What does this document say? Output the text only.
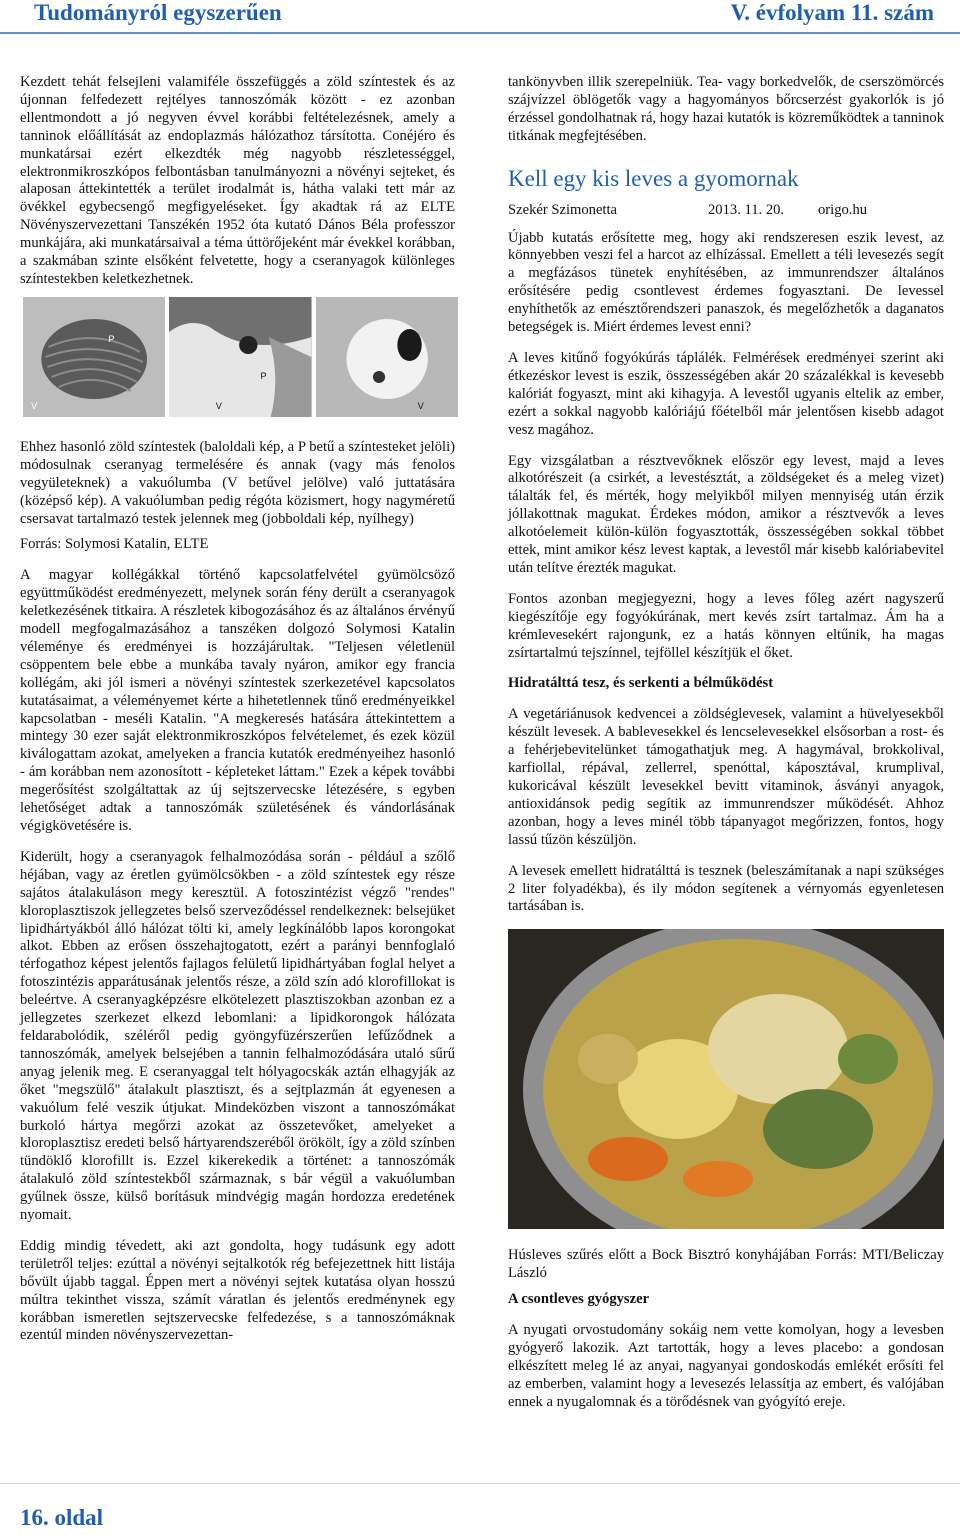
Tudományról egyszerűen	V. évfolyam 11. szám

Kezdett tehát felsejleni valamiféle összefüggés a zöld színtestek és az újonnan felfedezett rejtélyes tannoszómák között - ez azonban ellentmondott a jó negyven évvel korábbi feltételezésnek, amely a tanninok előállítását az endoplazmás hálózathoz társította. Conéjéro és munkatársai ezért elkezdték még nagyobb részletességgel, elektronmikroszkópos felbontásban tanulmányozni a növényi sejteket, és alaposan áttekintették a terület irodalmát is, hátha valaki tett már az övékkel egybecsengő megfigyeléseket. Így akadtak rá az ELTE Növényszervezettani Tanszékén 1952 óta kutató Dános Béla professzor munkájára, aki munkatársaival a téma úttörőjeként már évekkel korábban, a szakmában szinte elsőként felvetette, hogy a cseranyagok különleges színtestekben keletkezhetnek.

P
V
P
V	V

Ehhez hasonló zöld színtestek (baloldali kép, a P betű a színtesteket jelöli) módosulnak cseranyag termelésére és annak (vagy más fenolos vegyületeknek) a vakuólumba (V betűvel jelölve) való juttatására (középső kép). A vakuólumban pedig régóta közismert, hogy nagyméretű csersavat tartalmazó testek jelennek meg (jobboldali kép, nyílhegy)

Forrás: Solymosi Katalin, ELTE

A magyar kollégákkal történő kapcsolatfelvétel gyümölcsöző együttműködést eredményezett, melynek során fény derült a cseranyagok keletkezésének titkaira. A részletek kibogozásához és az általános érvényű modell megfogalmazásához a tanszéken dolgozó Solymosi Katalin véleménye és eredményei is hozzájárultak. "Teljesen véletlenül csöppentem bele ebbe a munkába tavaly nyáron, amikor egy francia kollégám, aki jól ismeri a növényi színtestek szerkezetével kapcsolatos kutatásaimat, a véleményemet kérte a hihetetlennek tűnő eredményeikkel kapcsolatban - meséli Katalin. "A megkeresés hatására áttekintettem a mintegy 30 ezer saját elektronmikroszkópos felvételemet, és ezek közül kiválogattam azokat, amelyeken a francia kutatók eredményeihez hasonló - ám korábban nem azonosított - képleteket láttam." Ezek a képek további megerősítést szolgáltattak az új sejtszervecske létezésére, s egyben lehetőséget adtak a tannoszómák születésének és vándorlásának végigkövetésére is.

Kiderült, hogy a cseranyagok felhalmozódása során - például a szőlő héjában, vagy az éretlen gyümölcsökben - a zöld színtestek egy része sajátos átalakuláson megy keresztül. A fotoszintézist végző "rendes" kloroplasztiszok jellegzetes belső szerveződéssel rendelkeznek: belsejüket lipidhártyákból álló hálózat tölti ki, amely legkínálóbb lapos korongokat alkot. Ebben az erősen összehajtogatott, ezért a parányi bennfoglaló térfogathoz képest jelentős fajlagos felületű lipidhártyában foglal helyet a fotoszintézis apparátusának jelentős része, a zöld szín adó klorofillokat is beleértve. A cseranyagképzésre elkötelezett plasztiszokban azonban ez a jellegzetes szerkezet elkezd lebomlani: a lipidkorongok hálózata feldarabolódik, széléről pedig gyöngyfüzérszerűen lefűződnek a tannoszómák, amelyek belsejében a tannin felhalmozódására utaló sűrű anyag jelenik meg. E cseranyaggal telt hólyagocskák aztán elhagyják az őket "megszülő" átalakult plasztiszt, és a sejtplazmán át egyenesen a vakuólum felé veszik útjukat. Mindeközben viszont a tannoszómákat burkoló hártya megőrzi azokat az összetevőket, amelyeket a kloroplasztisz eredeti belső hártyarendszeréből örökölt, így a zöld színben tündöklő klorofillt is. Ezzel kikerekedik a történet: a tannoszómák átalakuló zöld színtestekből származnak, s bár végül a vakuólumban gyűlnek össze, külső borításuk mindvégig magán hordozza eredetének nyomait.

Eddig mindig tévedett, aki azt gondolta, hogy tudásunk egy adott területről teljes: ezúttal a növényi sejtalkotók rég befejezettnek hitt listája bővült újabb taggal. Éppen mert a növényi sejtek kutatása olyan hosszú múltra tekinthet vissza, számít váratlan és jelentős eredménynek egy korábban ismeretlen sejtszervecske felfedezése, s a tannoszómáknak ezentúl minden növényszervezettan-

tankönyvben illik szerepelniük. Tea- vagy borkedvelők, de cserszömörcés szájvízzel öblögetők vagy a hagyományos bőrcserzést gyakorlók is jó érzéssel gondolhatnak rá, hogy hazai kutatók is közreműködtek a tanninok titkának megfejtésében.

Kell egy kis leves a gyomornak
Szekér Szimonetta	2013. 11. 20.	origo.hu

Újabb kutatás erősítette meg, hogy aki rendszeresen eszik levest, az könnyebben veszi fel a harcot az elhízással. Emellett a téli levesezés segít a megfázásos tünetek enyhítésében, az immunrendszer általános erősítésére pedig csontlevest érdemes fogyasztani. De levessel enyhíthetők az emésztőrendszeri panaszok, és megelőzhetők a daganatos betegségek is. Miért érdemes levest enni?

A leves kitűnő fogyókúrás táplálék. Felmérések eredményei szerint aki étkezéskor levest is eszik, összességében akár 20 százalékkal is kevesebb kalóriát fogyaszt, mint aki kihagyja. A levestől ugyanis eltelik az ember, ezért a sokkal nagyobb kalóriájú főételből már jelentősen kisebb adagot vesz magához.

Egy vizsgálatban a résztvevőknek először egy levest, majd a leves alkotórészeit (a csirkét, a levestésztát, a zöldségeket és a meleg vizet) tálalták fel, és mérték, hogy melyikből milyen mennyiség után érzik jóllakottnak magukat. Érdekes módon, amikor a résztvevők a leves alkotóelemeit külön-külön fogyasztották, összességében sokkal többet ettek, mint amikor kész levest kaptak, a levestől már kisebb kalóriabevitel után telítve érezték magukat.

Fontos azonban megjegyezni, hogy a leves főleg azért nagyszerű kiegészítője egy fogyókúrának, mert kevés zsírt tartalmaz. Ám ha a krémlevesekért rajongunk, ez a hatás könnyen eltűnik, ha magas zsírtartalmú tejszínnel, tejföllel készítjük el őket.

Hidratálttá tesz, és serkenti a bélműködést

A vegetáriánusok kedvencei a zöldséglevesek, valamint a hüvelyesekből készült levesek. A bablevesekkel és lencselevesekkel elsősorban a rost- és a fehérjebevitelünket támogathatjuk meg. A hagymával, brokkolival, karfiollal, répával, zellerrel, spenóttal, káposztával, krumplival, kukoricával készült levesekkel bevitt vitaminok, ásványi anyagok, antioxidánsok pedig segítik az immunrendszer működését. Ahhoz azonban, hogy a leves minél több tápanyagot megőrizzen, fontos, hogy lassú tűzön készüljön.

A levesek emellett hidratálttá is tesznek (beleszámítanak a napi szükséges 2 liter folyadékba), és ily módon segítenek a vérnyomás egyenletesen tartásában is.

Húsleves szűrés előtt a Bock Bisztró konyhájában Forrás: MTI/Beliczay László

A csontleves gyógyszer

A nyugati orvostudomány sokáig nem vette komolyan, hogy a levesben gyógyerő lakozik. Azt tartották, hogy a leves placebo: a gondosan elkészített meleg lé az anyai, nagyanyai gondoskodás emlékét erősíti fel az emberben, valamint hogy a levesezés lelassítja az embert, és valójában ennek a nyugalomnak és a törődésnek van gyógyító ereje.

16. oldal
